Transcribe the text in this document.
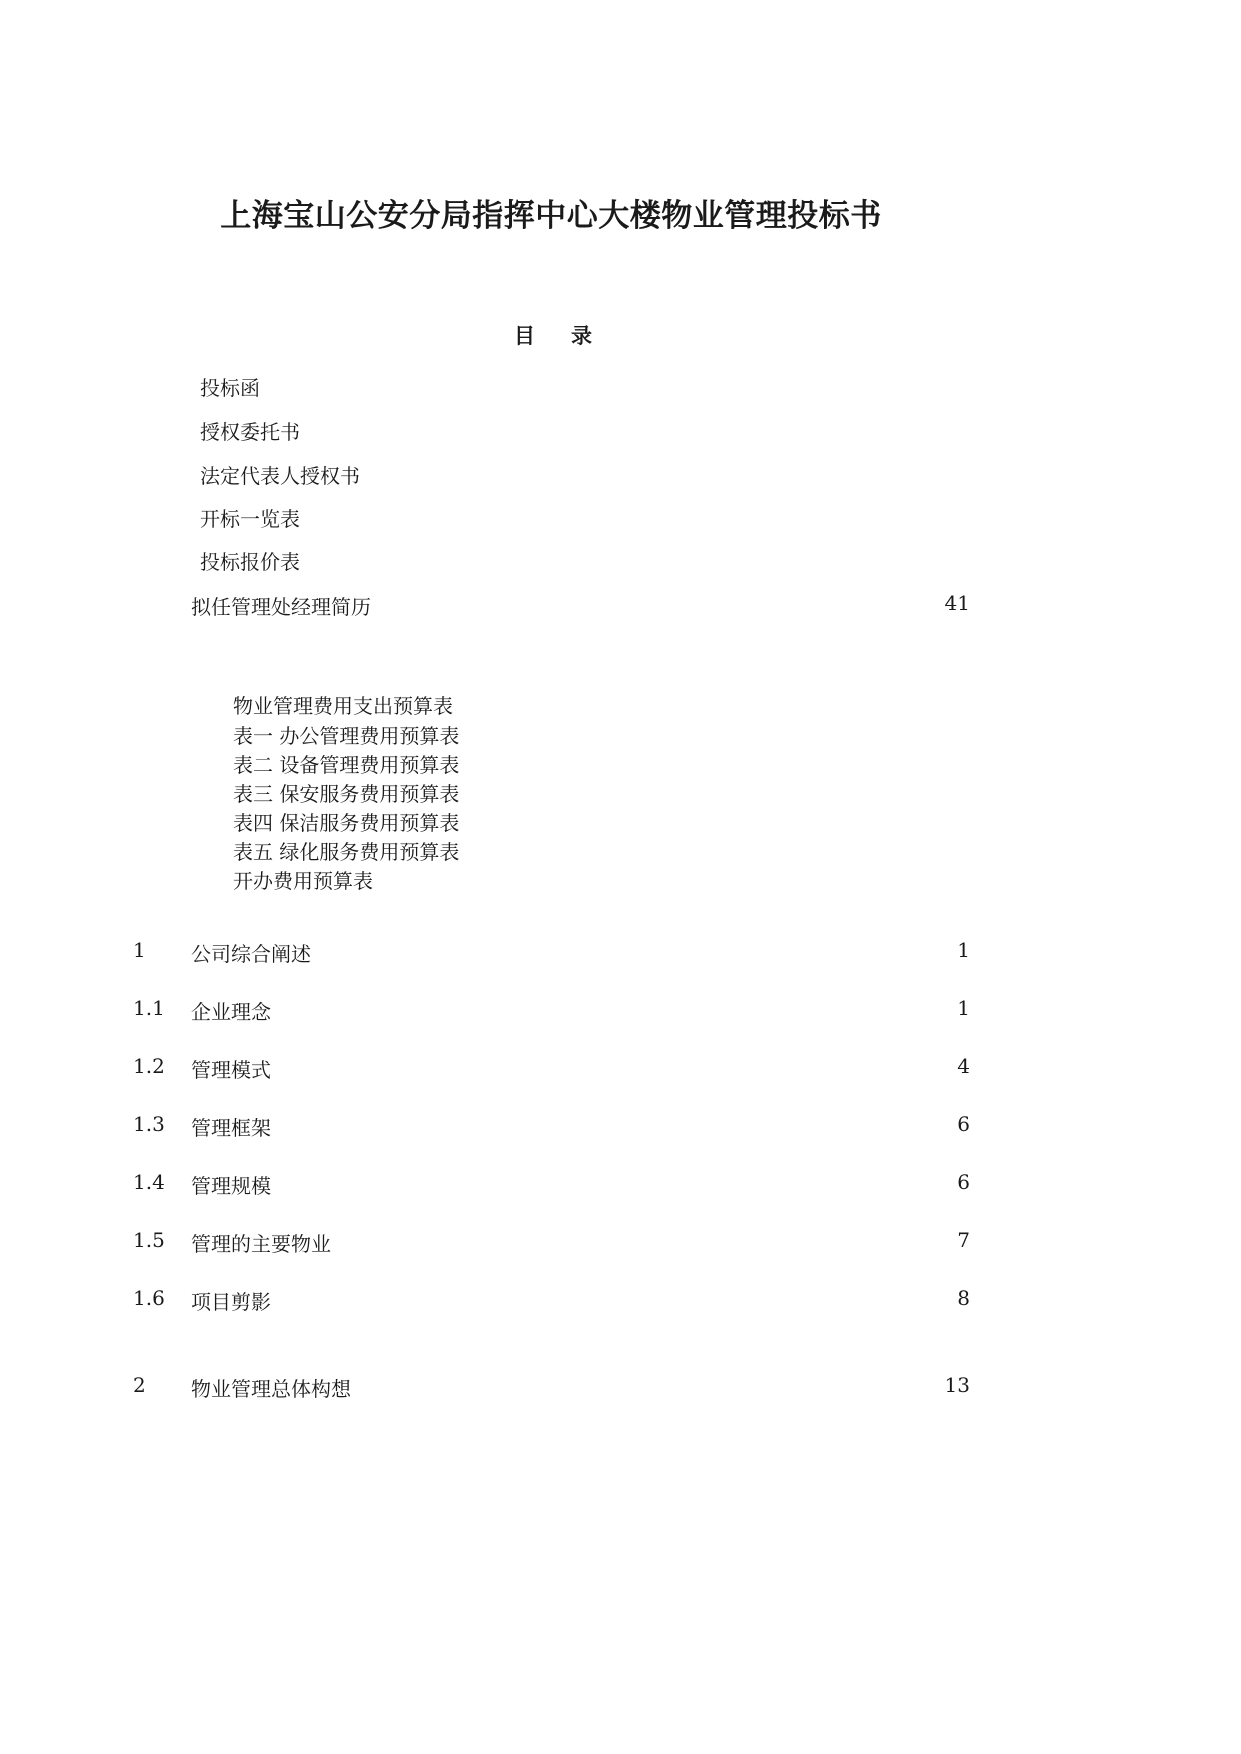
上海宝山公安分局指挥中心大楼物业管理投标书
目录
投标函
授权委托书
法定代表人授权书
开标一览表
投标报价表
拟任管理处经理简历	41
物业管理费用支出预算表
表一 办公管理费用预算表
表二 设备管理费用预算表
表三 保安服务费用预算表
表四 保洁服务费用预算表
表五 绿化服务费用预算表
开办费用预算表
1 公司综合阐述	1
1.1 企业理念	1
1.2 管理模式	4
1.3 管理框架	6
1.4 管理规模	6
1.5 管理的主要物业	7
1.6 项目剪影	8
2 物业管理总体构想	13
